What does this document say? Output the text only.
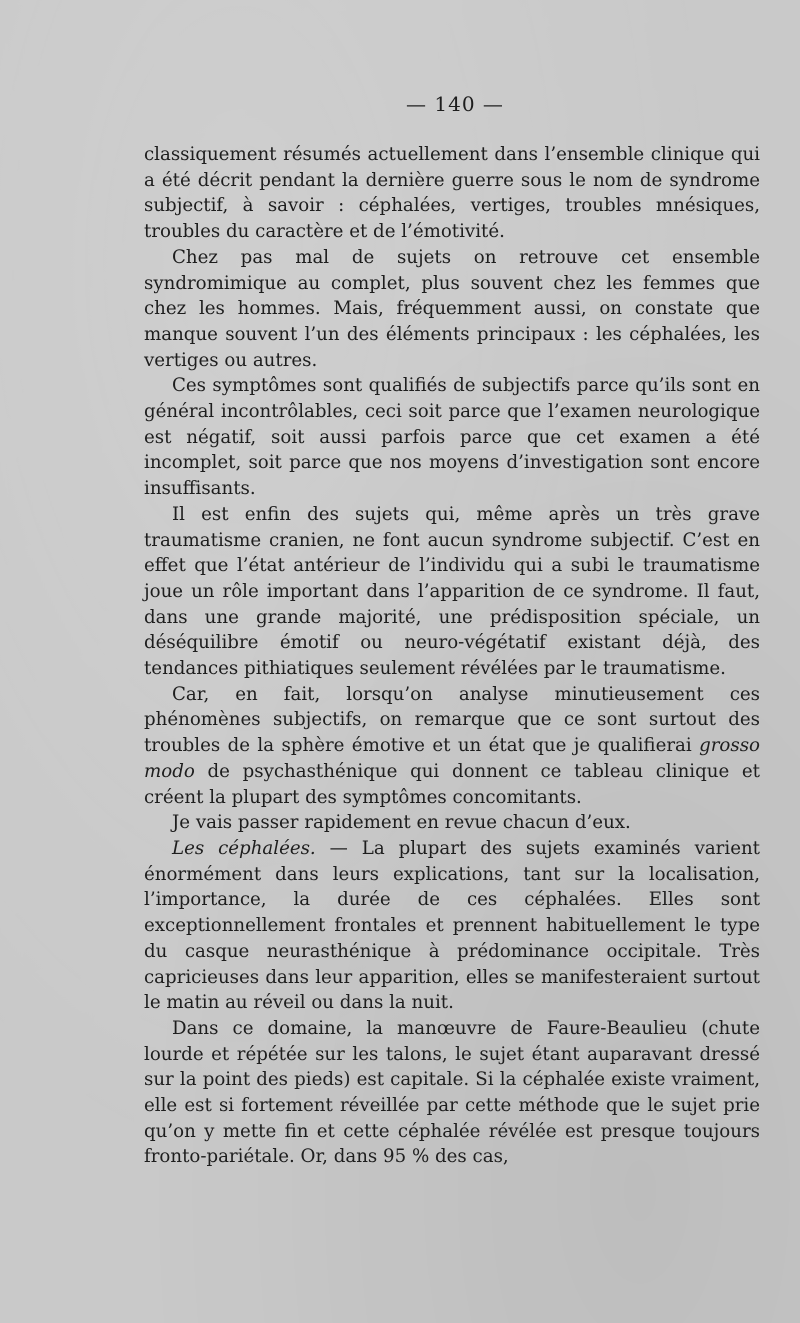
— 140 —

classiquement résumés actuellement dans l’ensemble clinique qui a été décrit pendant la dernière guerre sous le nom de syndrome subjectif, à savoir : céphalées, vertiges, troubles mnésiques, troubles du caractère et de l’émotivité.

Chez pas mal de sujets on retrouve cet ensemble syndromimique au complet, plus souvent chez les femmes que chez les hommes. Mais, fréquemment aussi, on constate que manque souvent l’un des éléments principaux : les céphalées, les vertiges ou autres.

Ces symptômes sont qualifiés de subjectifs parce qu’ils sont en général incontrôlables, ceci soit parce que l’examen neurologique est négatif, soit aussi parfois parce que cet examen a été incomplet, soit parce que nos moyens d’investigation sont encore insuffisants.

Il est enfin des sujets qui, même après un très grave traumatisme cranien, ne font aucun syndrome subjectif. C’est en effet que l’état antérieur de l’individu qui a subi le traumatisme joue un rôle important dans l’apparition de ce syndrome. Il faut, dans une grande majorité, une prédisposition spéciale, un déséquilibre émotif ou neuro-végétatif existant déjà, des tendances pithiatiques seulement révélées par le traumatisme.

Car, en fait, lorsqu’on analyse minutieusement ces phénomènes subjectifs, on remarque que ce sont surtout des troubles de la sphère émotive et un état que je qualifierai grosso modo de psychasthénique qui donnent ce tableau clinique et créent la plupart des symptômes concomitants.

Je vais passer rapidement en revue chacun d’eux.

Les céphalées. — La plupart des sujets examinés varient énormément dans leurs explications, tant sur la localisation, l’importance, la durée de ces céphalées. Elles sont exceptionnellement frontales et prennent habituellement le type du casque neurasthénique à prédominance occipitale. Très capricieuses dans leur apparition, elles se manifesteraient surtout le matin au réveil ou dans la nuit.

Dans ce domaine, la manœuvre de Faure-Beaulieu (chute lourde et répétée sur les talons, le sujet étant auparavant dressé sur la point des pieds) est capitale. Si la céphalée existe vraiment, elle est si fortement réveillée par cette méthode que le sujet prie qu’on y mette fin et cette céphalée révélée est presque toujours fronto-pariétale. Or, dans 95 % des cas,
